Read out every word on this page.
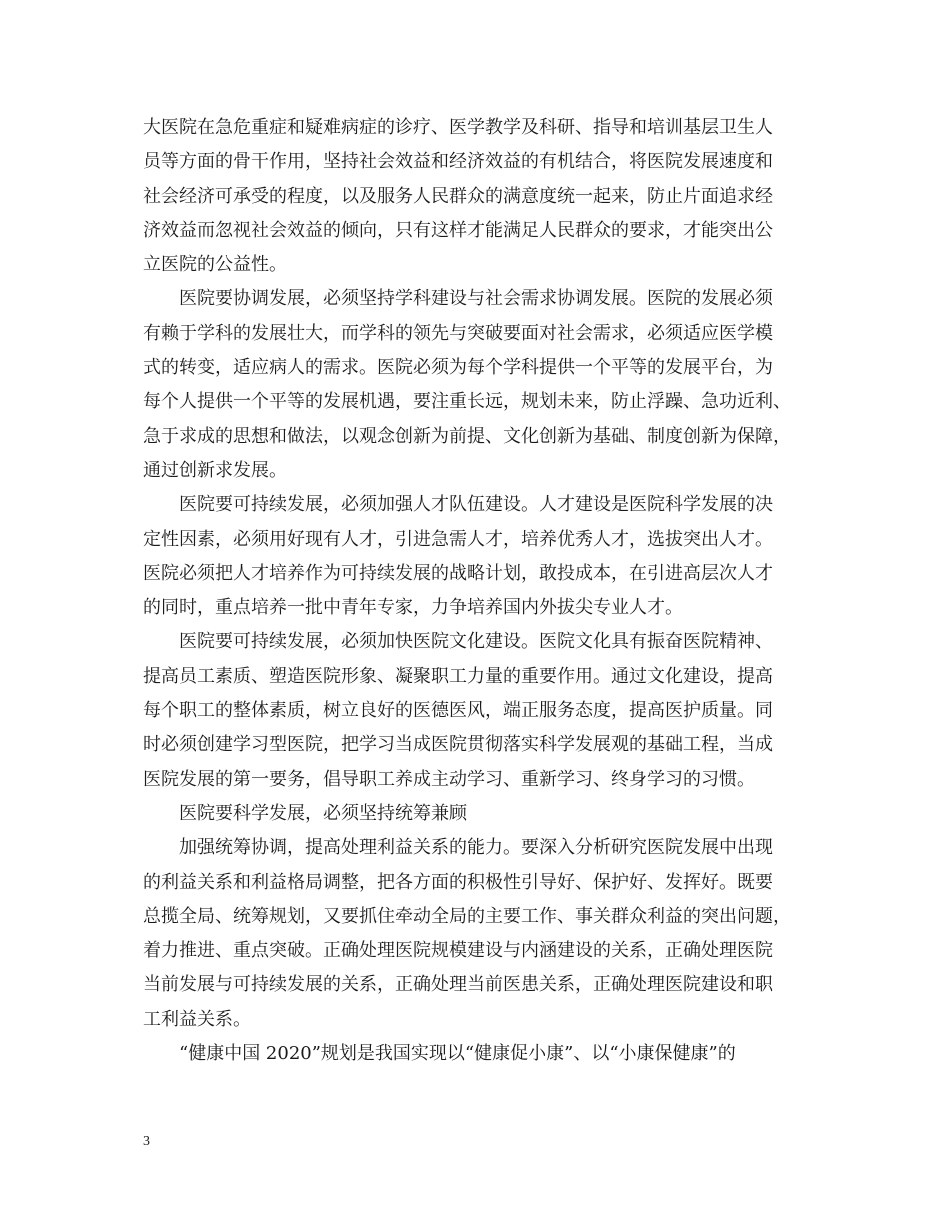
大医院在急危重症和疑难病症的诊疗、医学教学及科研、指导和培训基层卫生人
员等方面的骨干作用，坚持社会效益和经济效益的有机结合，将医院发展速度和
社会经济可承受的程度，以及服务人民群众的满意度统一起来，防止片面追求经
济效益而忽视社会效益的倾向，只有这样才能满足人民群众的要求，才能突出公
立医院的公益性。
医院要协调发展，必须坚持学科建设与社会需求协调发展。医院的发展必须
有赖于学科的发展壮大，而学科的领先与突破要面对社会需求，必须适应医学模
式的转变，适应病人的需求。医院必须为每个学科提供一个平等的发展平台，为
每个人提供一个平等的发展机遇，要注重长远，规划未来，防止浮躁、急功近利、
急于求成的思想和做法，以观念创新为前提、文化创新为基础、制度创新为保障，
通过创新求发展。
医院要可持续发展，必须加强人才队伍建设。人才建设是医院科学发展的决
定性因素，必须用好现有人才，引进急需人才，培养优秀人才，选拔突出人才。
医院必须把人才培养作为可持续发展的战略计划，敢投成本，在引进高层次人才
的同时，重点培养一批中青年专家，力争培养国内外拔尖专业人才。
医院要可持续发展，必须加快医院文化建设。医院文化具有振奋医院精神、
提高员工素质、塑造医院形象、凝聚职工力量的重要作用。通过文化建设，提高
每个职工的整体素质，树立良好的医德医风，端正服务态度，提高医护质量。同
时必须创建学习型医院，把学习当成医院贯彻落实科学发展观的基础工程，当成
医院发展的第一要务，倡导职工养成主动学习、重新学习、终身学习的习惯。
医院要科学发展，必须坚持统筹兼顾
加强统筹协调，提高处理利益关系的能力。要深入分析研究医院发展中出现
的利益关系和利益格局调整，把各方面的积极性引导好、保护好、发挥好。既要
总揽全局、统筹规划，又要抓住牵动全局的主要工作、事关群众利益的突出问题，
着力推进、重点突破。正确处理医院规模建设与内涵建设的关系，正确处理医院
当前发展与可持续发展的关系，正确处理当前医患关系，正确处理医院建设和职
工利益关系。
“健康中国 2020”规划是我国实现以“健康促小康”、以“小康保健康”的
3
